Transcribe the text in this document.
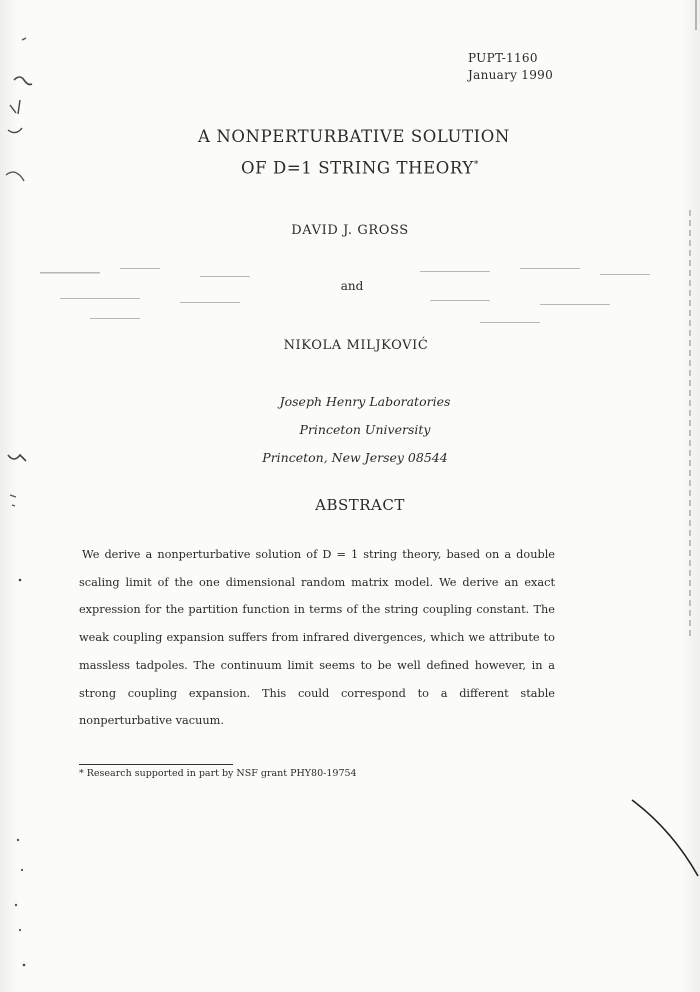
PUPT-1160
January 1990
A NONPERTURBATIVE SOLUTION
OF D=1 STRING THEORY*
DAVID J. GROSS
and
NIKOLA MILJKOVIĆ
Joseph Henry Laboratories
Princeton University
Princeton, New Jersey 08544
ABSTRACT
We derive a nonperturbative solution of D = 1 string theory, based on a double scaling limit of the one dimensional random matrix model. We derive an exact expression for the partition function in terms of the string coupling constant. The weak coupling expansion suffers from infrared divergences, which we attribute to massless tadpoles. The continuum limit seems to be well defined however, in a strong coupling expansion. This could correspond to a different stable nonperturbative vacuum.
* Research supported in part by NSF grant PHY80-19754
